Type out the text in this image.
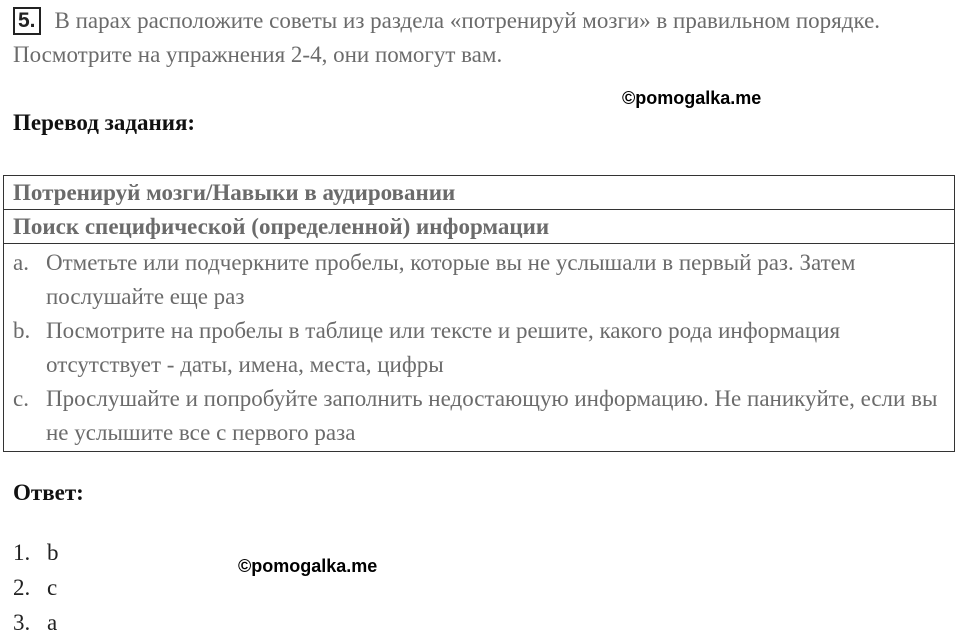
5. В парах расположите советы из раздела «потренируй мозги» в правильном порядке. Посмотрите на упражнения 2-4, они помогут вам.
©pomogalka.me
Перевод задания:
Потренируй мозги/Навыки в аудировании
Поиск специфической (определенной) информации
a. Отметьте или подчеркните пробелы, которые вы не услышали в первый раз. Затем послушайте еще раз
b. Посмотрите на пробелы в таблице или тексте и решите, какого рода информация отсутствует - даты, имена, места, цифры
c. Прослушайте и попробуйте заполнить недостающую информацию. Не паникуйте, если вы не услышите все с первого раза
Ответ:
1. b
2. c
3. a
©pomogalka.me
